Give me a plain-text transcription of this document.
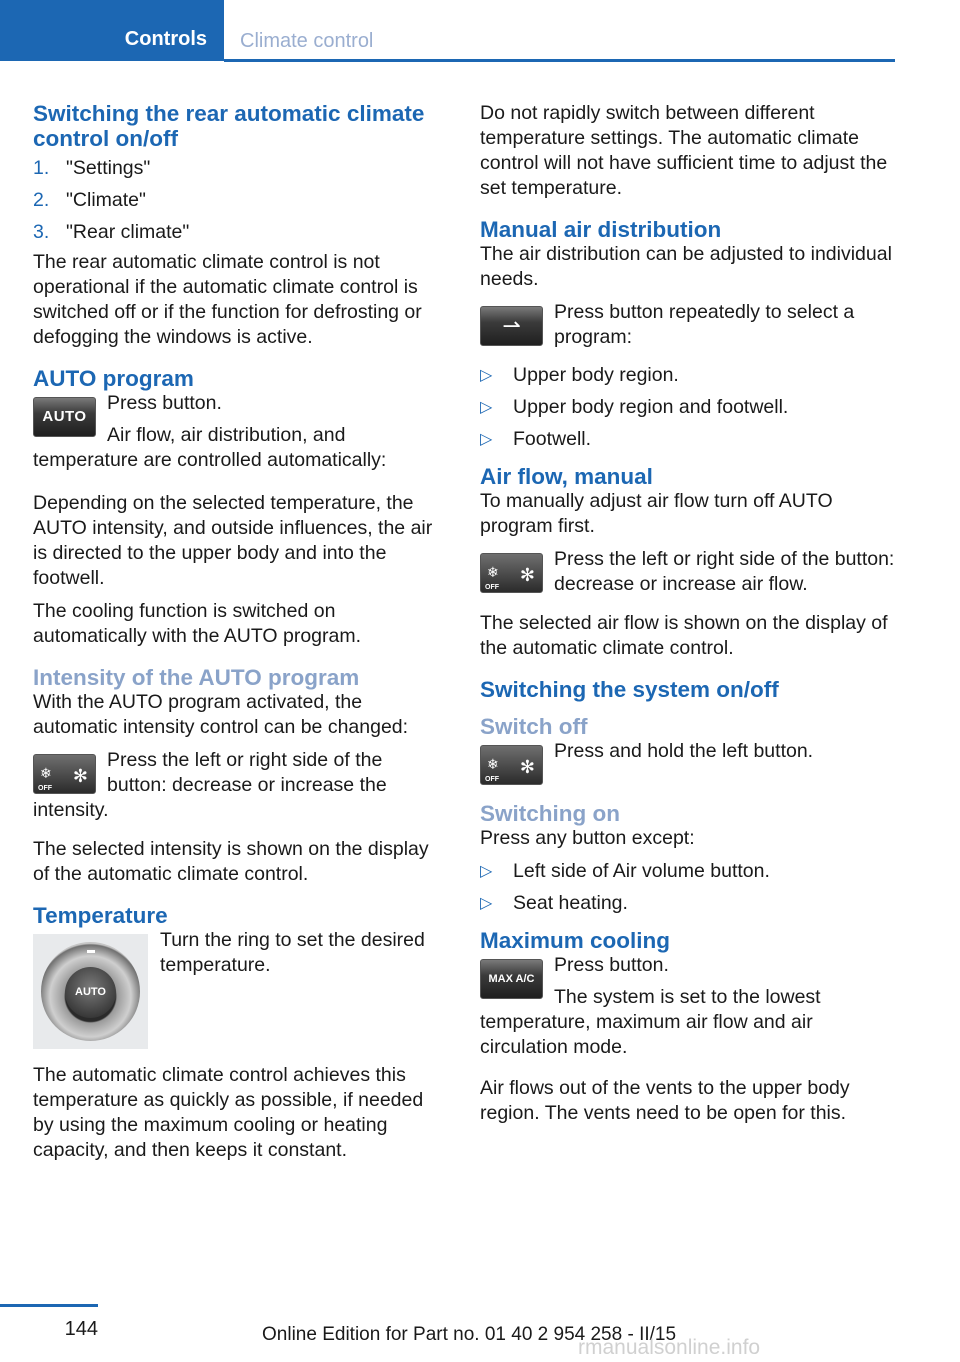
Controls	Climate control
Switching the rear automatic climate control on/off
1. "Settings"
2. "Climate"
3. "Rear climate"

The rear automatic climate control is not operational if the automatic climate control is switched off or if the function for defrosting or defogging the windows is active.

AUTO program
AUTO

Press button.

Air flow, air distribution, and temperature are controlled automatically:

Depending on the selected temperature, the AUTO intensity, and outside influences, the air is directed to the upper body and into the footwell.

The cooling function is switched on automatically with the AUTO program.

Intensity of the AUTO program

With the AUTO program activated, the automatic intensity control can be changed:

❄
OFF
✻

Press the left or right side of the button: decrease or increase the intensity.

The selected intensity is shown on the display of the automatic climate control.

Temperature
AUTO

Turn the ring to set the desired temperature.

The automatic climate control achieves this temperature as quickly as possible, if needed by using the maximum cooling or heating capacity, and then keeps it constant.

Do not rapidly switch between different temperature settings. The automatic climate control will not have sufficient time to adjust the set temperature.

Manual air distribution

The air distribution can be adjusted to individual needs.

⇀

Press button repeatedly to select a program:

▷ Upper body region.
▷ Upper body region and footwell.
▷ Footwell.
Air flow, manual

To manually adjust air flow turn off AUTO program first.

❄
OFF
✻

Press the left or right side of the button: decrease or increase air flow.

The selected air flow is shown on the display of the automatic climate control.

Switching the system on/off
Switch off
❄
OFF
✻

Press and hold the left button.

Switching on

Press any button except:

▷ Left side of Air volume button.
▷ Seat heating.
Maximum cooling
MAX A/C

Press button.

The system is set to the lowest temperature, maximum air flow and air circulation mode.

Air flows out of the vents to the upper body region. The vents need to be open for this.

144	Online Edition for Part no. 01 40 2 954 258 - II/15
rmanualsonline.info
